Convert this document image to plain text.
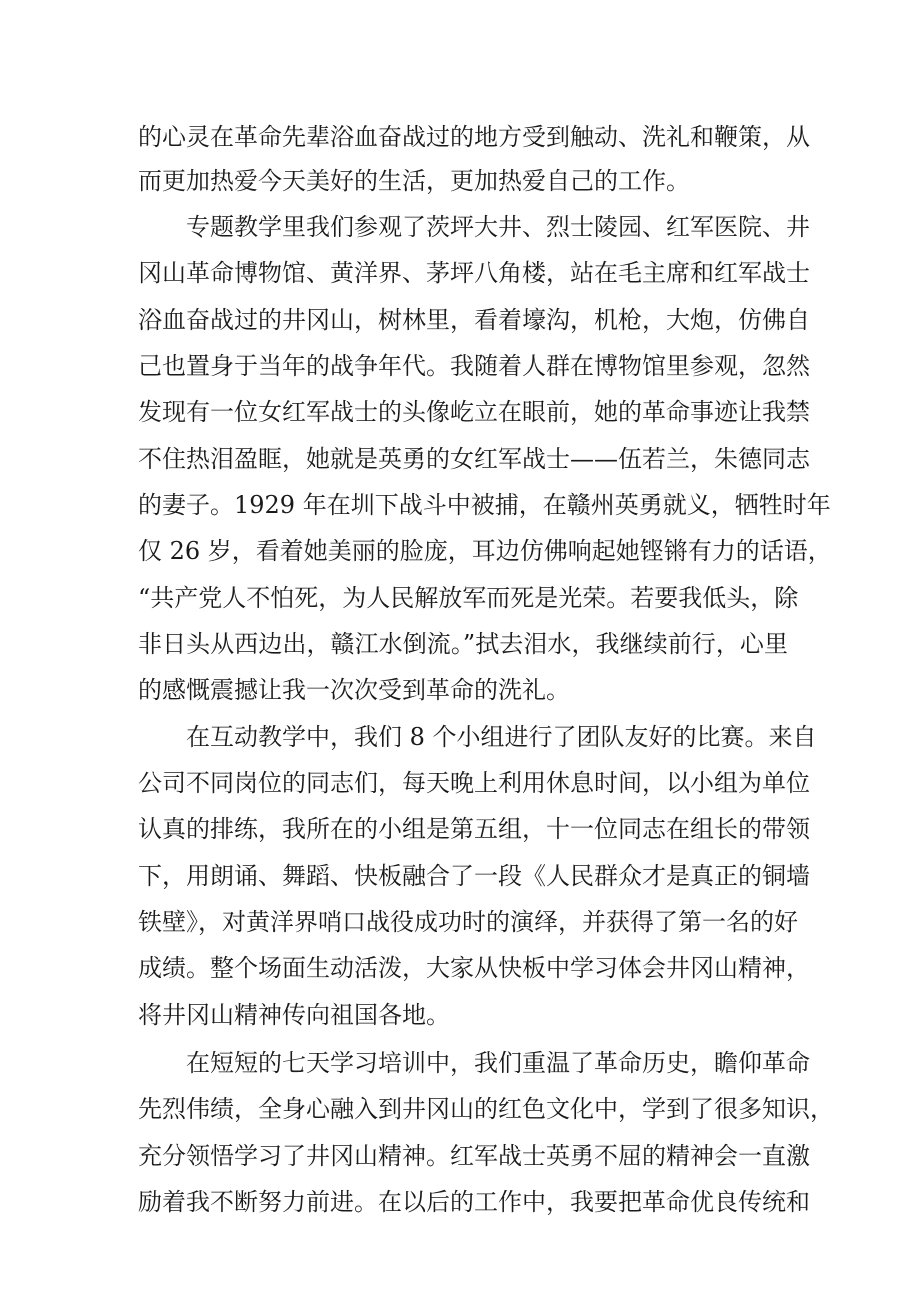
的心灵在革命先辈浴血奋战过的地方受到触动、洗礼和鞭策，从
而更加热爱今天美好的生活，更加热爱自己的工作。
专题教学里我们参观了茨坪大井、烈士陵园、红军医院、井
冈山革命博物馆、黄洋界、茅坪八角楼，站在毛主席和红军战士
浴血奋战过的井冈山，树林里，看着壕沟，机枪，大炮，仿佛自
己也置身于当年的战争年代。我随着人群在博物馆里参观，忽然
发现有一位女红军战士的头像屹立在眼前，她的革命事迹让我禁
不住热泪盈眶，她就是英勇的女红军战士——伍若兰，朱德同志
的妻子。1929 年在圳下战斗中被捕，在赣州英勇就义，牺牲时年
仅 26 岁，看着她美丽的脸庞，耳边仿佛响起她铿锵有力的话语，
“共产党人不怕死，为人民解放军而死是光荣。若要我低头，除
非日头从西边出，赣江水倒流。”拭去泪水，我继续前行，心里
的感慨震撼让我一次次受到革命的洗礼。
在互动教学中，我们 8 个小组进行了团队友好的比赛。来自
公司不同岗位的同志们，每天晚上利用休息时间，以小组为单位
认真的排练，我所在的小组是第五组，十一位同志在组长的带领
下，用朗诵、舞蹈、快板融合了一段《人民群众才是真正的铜墙
铁壁》，对黄洋界哨口战役成功时的演绎，并获得了第一名的好
成绩。整个场面生动活泼，大家从快板中学习体会井冈山精神，
将井冈山精神传向祖国各地。
在短短的七天学习培训中，我们重温了革命历史，瞻仰革命
先烈伟绩，全身心融入到井冈山的红色文化中，学到了很多知识，
充分领悟学习了井冈山精神。红军战士英勇不屈的精神会一直激
励着我不断努力前进。在以后的工作中，我要把革命优良传统和
